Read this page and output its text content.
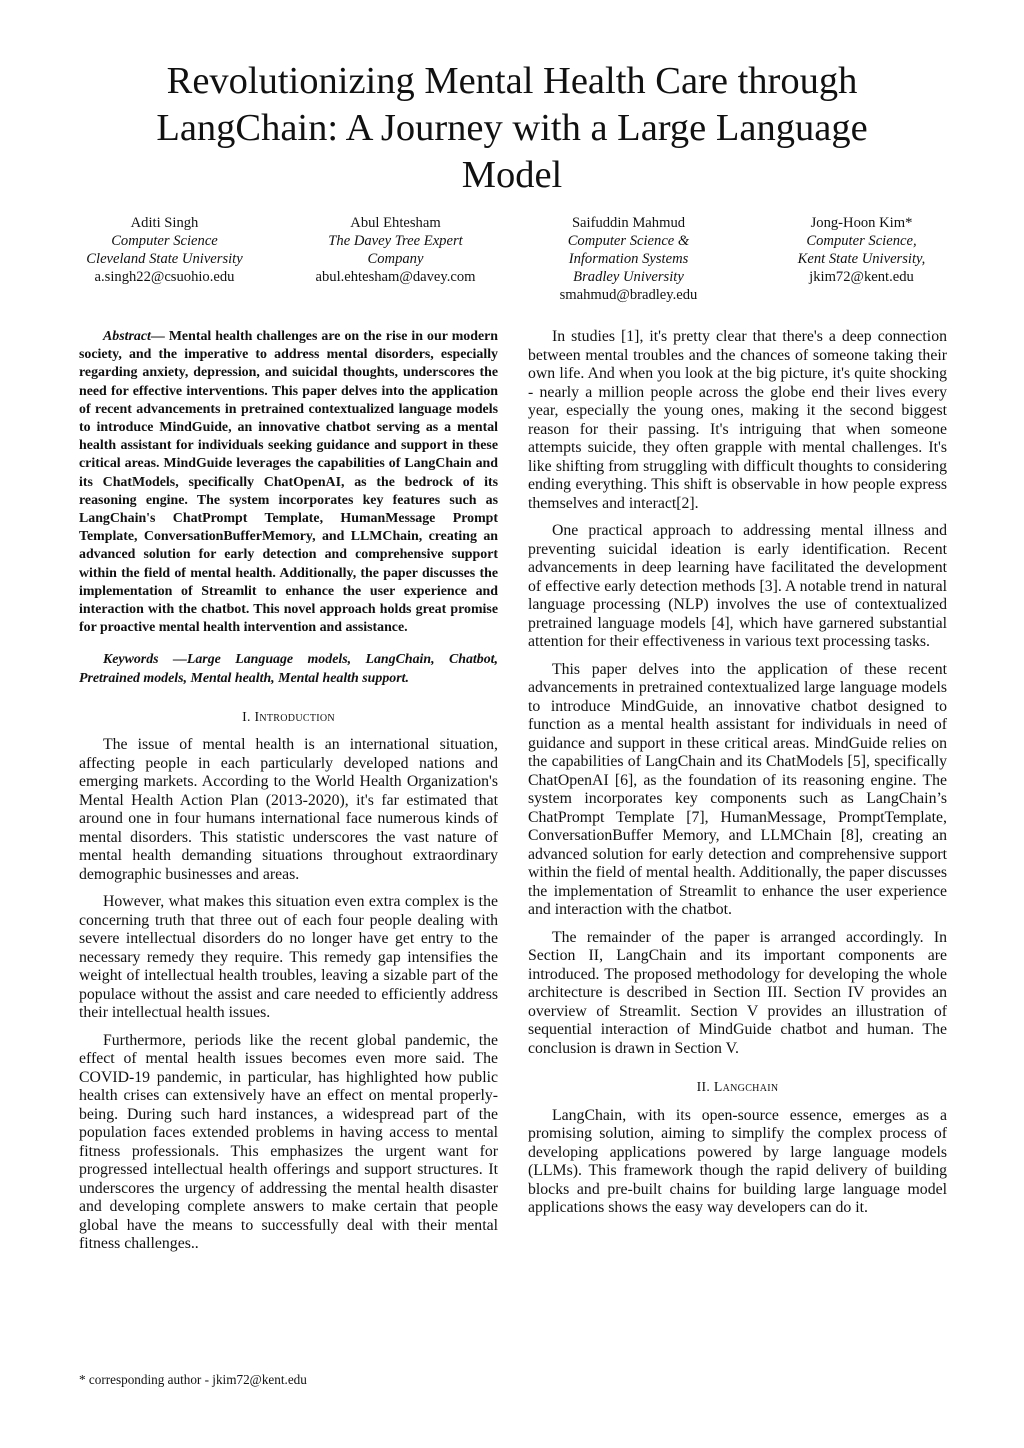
Revolutionizing Mental Health Care through
LangChain: A Journey with a Large Language
Model
Aditi Singh
Computer Science
Cleveland State University
a.singh22@csuohio.edu
Abul Ehtesham
The Davey Tree Expert
Company
abul.ehtesham@davey.com
Saifuddin Mahmud
Computer Science &
Information Systems
Bradley University
smahmud@bradley.edu
Jong-Hoon Kim*
Computer Science,
Kent State University,
jkim72@kent.edu

Abstract— Mental health challenges are on the rise in our modern society, and the imperative to address mental disorders, especially regarding anxiety, depression, and suicidal thoughts, underscores the need for effective interventions. This paper delves into the application of recent advancements in pretrained contextualized language models to introduce MindGuide, an innovative chatbot serving as a mental health assistant for individuals seeking guidance and support in these critical areas. MindGuide leverages the capabilities of LangChain and its ChatModels, specifically ChatOpenAI, as the bedrock of its reasoning engine. The system incorporates key features such as LangChain's ChatPrompt Template, HumanMessage Prompt Template, ConversationBufferMemory, and LLMChain, creating an advanced solution for early detection and comprehensive support within the field of mental health. Additionally, the paper discusses the implementation of Streamlit to enhance the user experience and interaction with the chatbot. This novel approach holds great promise for proactive mental health intervention and assistance.

Keywords —Large Language models, LangChain, Chatbot, Pretrained models, Mental health, Mental health support.

I. Introduction

The issue of mental health is an international situation, affecting people in each particularly developed nations and emerging markets. According to the World Health Organization's Mental Health Action Plan (2013-2020), it's far estimated that around one in four humans international face numerous kinds of mental disorders. This statistic underscores the vast nature of mental health demanding situations throughout extraordinary demographic businesses and areas.

However, what makes this situation even extra complex is the concerning truth that three out of each four people dealing with severe intellectual disorders do no longer have get entry to the necessary remedy they require. This remedy gap intensifies the weight of intellectual health troubles, leaving a sizable part of the populace without the assist and care needed to efficiently address their intellectual health issues.

Furthermore, periods like the recent global pandemic, the effect of mental health issues becomes even more said. The COVID-19 pandemic, in particular, has highlighted how public health crises can extensively have an effect on mental properly-being. During such hard instances, a widespread part of the population faces extended problems in having access to mental fitness professionals. This emphasizes the urgent want for progressed intellectual health offerings and support structures. It underscores the urgency of addressing the mental health disaster and developing complete answers to make certain that people global have the means to successfully deal with their mental fitness challenges..

In studies [1], it's pretty clear that there's a deep connection between mental troubles and the chances of someone taking their own life. And when you look at the big picture, it's quite shocking - nearly a million people across the globe end their lives every year, especially the young ones, making it the second biggest reason for their passing. It's intriguing that when someone attempts suicide, they often grapple with mental challenges. It's like shifting from struggling with difficult thoughts to considering ending everything. This shift is observable in how people express themselves and interact[2].

One practical approach to addressing mental illness and preventing suicidal ideation is early identification. Recent advancements in deep learning have facilitated the development of effective early detection methods [3]. A notable trend in natural language processing (NLP) involves the use of contextualized pretrained language models [4], which have garnered substantial attention for their effectiveness in various text processing tasks.

This paper delves into the application of these recent advancements in pretrained contextualized large language models to introduce MindGuide, an innovative chatbot designed to function as a mental health assistant for individuals in need of guidance and support in these critical areas. MindGuide relies on the capabilities of LangChain and its ChatModels [5], specifically ChatOpenAI [6], as the foundation of its reasoning engine. The system incorporates key components such as LangChain’s ChatPrompt Template [7], HumanMessage, PromptTemplate, ConversationBuffer Memory, and LLMChain [8], creating an advanced solution for early detection and comprehensive support within the field of mental health. Additionally, the paper discusses the implementation of Streamlit to enhance the user experience and interaction with the chatbot.

The remainder of the paper is arranged accordingly. In Section II, LangChain and its important components are introduced. The proposed methodology for developing the whole architecture is described in Section III. Section IV provides an overview of Streamlit. Section V provides an illustration of sequential interaction of MindGuide chatbot and human. The conclusion is drawn in Section V.

II. Langchain

LangChain, with its open-source essence, emerges as a promising solution, aiming to simplify the complex process of developing applications powered by large language models (LLMs). This framework though the rapid delivery of building blocks and pre-built chains for building large language model applications shows the easy way developers can do it.

* corresponding author - jkim72@kent.edu
